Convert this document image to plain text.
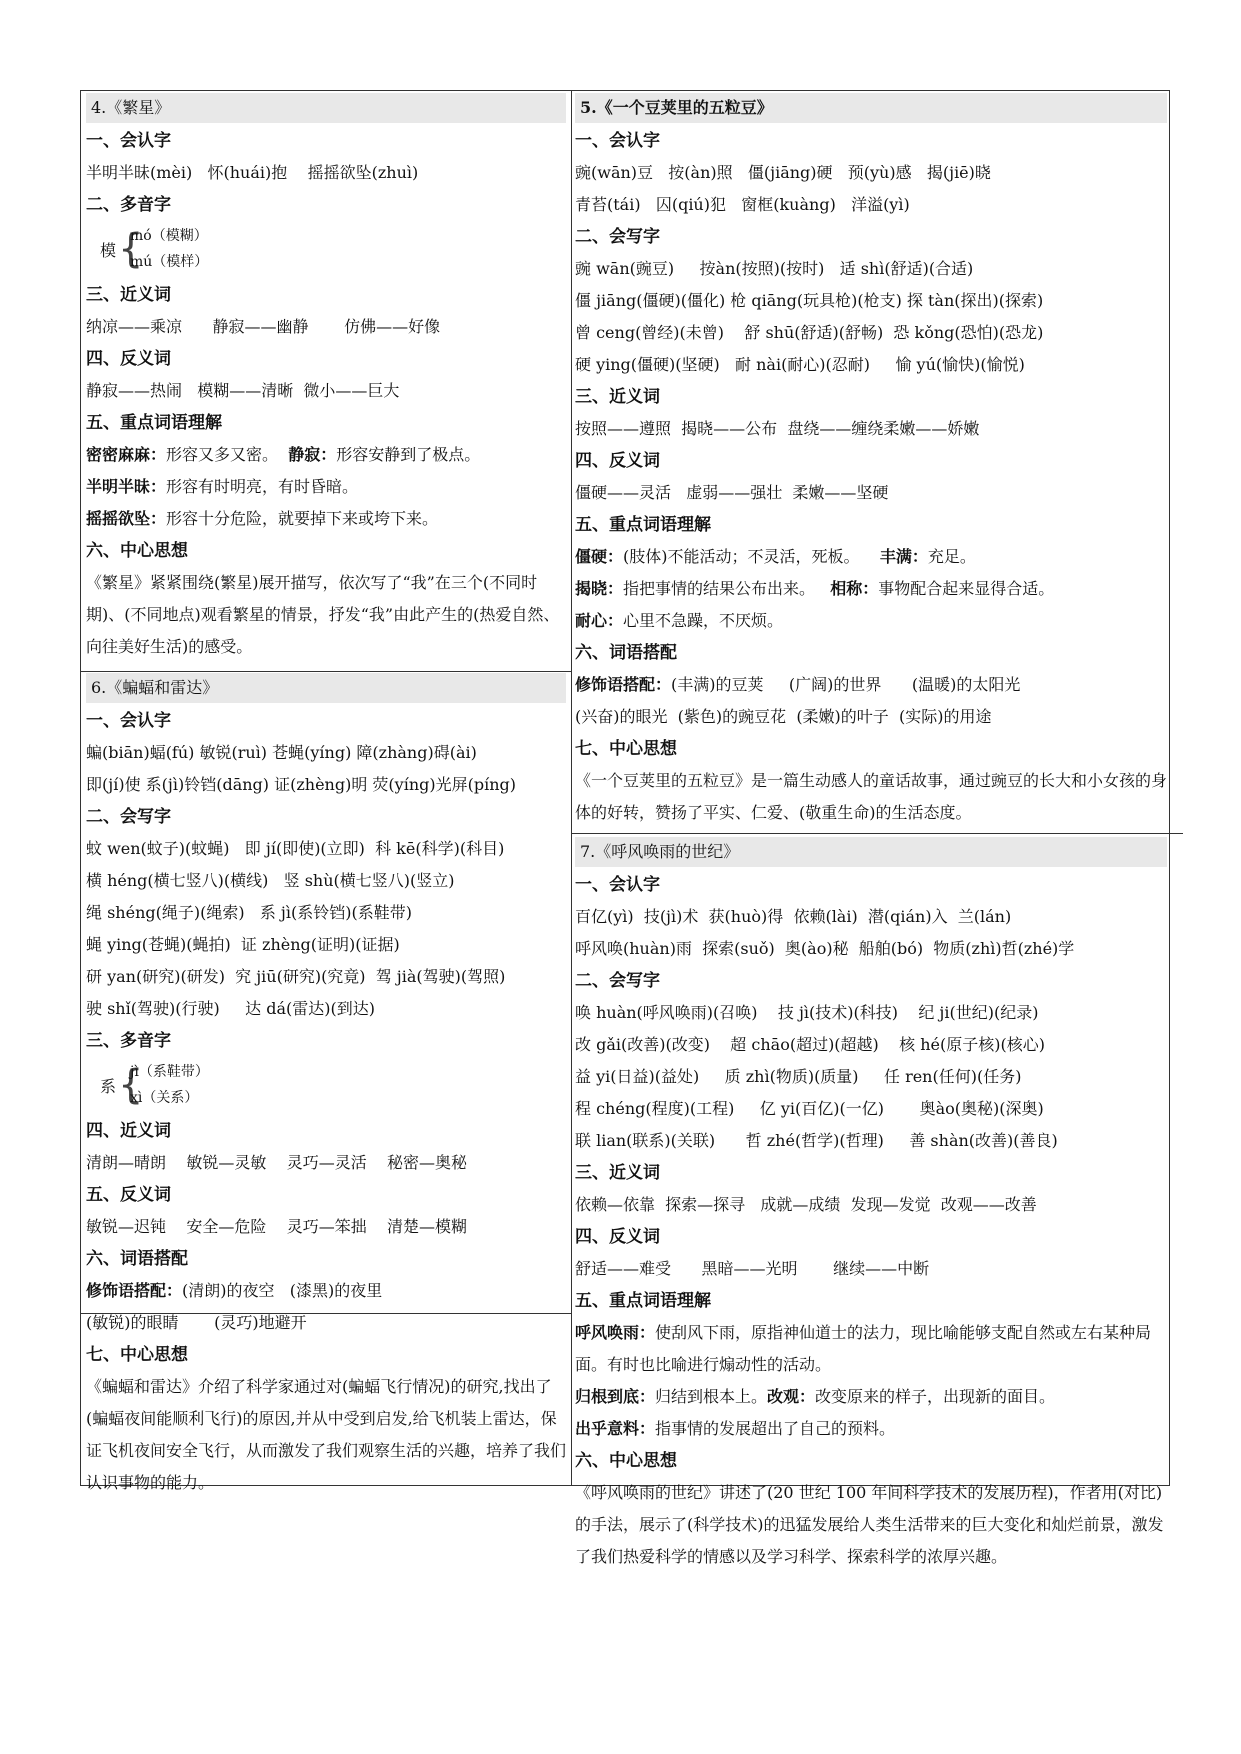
4.《繁星》
一、会认字
半明半昧(mèi)   怀(huái)抱    摇摇欲坠(zhuì)
二、多音字
模 {
mó（模糊）
mú（模样）
三、近义词
纳凉——乘凉      静寂——幽静       仿佛——好像
四、反义词
静寂——热闹   模糊——清晰  微小——巨大
五、重点词语理解
密密麻麻：形容又多又密。  静寂：形容安静到了极点。
半明半昧：形容有时明亮，有时昏暗。
摇摇欲坠：形容十分危险，就要掉下来或垮下来。
六、中心思想
《繁星》紧紧围绕(繁星)展开描写，依次写了“我”在三个(不同时期)、(不同地点)观看繁星的情景，抒发“我”由此产生的(热爱自然、向往美好生活)的感受。
6.《蝙蝠和雷达》
一、会认字
蝙(biān)蝠(fú) 敏锐(ruì) 苍蝇(yíng) 障(zhàng)碍(ài)
即(jí)使 系(jì)铃铛(dāng) 证(zhèng)明 荧(yíng)光屏(píng)
二、会写字
蚊 wen(蚊子)(蚊蝇)   即 jí(即使)(立即)  科 kē(科学)(科目)
横 héng(横七竖八)(横线)   竖 shù(横七竖八)(竖立)
绳 shéng(绳子)(绳索)   系 jì(系铃铛)(系鞋带)
蝇 ying(苍蝇)(蝇拍)  证 zhèng(证明)(证据)
研 yan(研究)(研发)  究 jiū(研究)(究竟)  驾 jià(驾驶)(驾照)
驶 shǐ(驾驶)(行驶)     达 dá(雷达)(到达)
三、多音字
系 {
jì（系鞋带）
xì（关系）
四、近义词
清朗—晴朗    敏锐—灵敏    灵巧—灵活    秘密—奥秘
五、反义词
敏锐—迟钝    安全—危险    灵巧—笨拙    清楚—模糊
六、词语搭配
修饰语搭配：(清朗)的夜空   (漆黑)的夜里
(敏锐)的眼睛       (灵巧)地避开
七、中心思想
《蝙蝠和雷达》介绍了科学家通过对(蝙蝠飞行情况)的研究,找出了(蝙蝠夜间能顺利飞行)的原因,并从中受到启发,给飞机装上雷达，保证飞机夜间安全飞行，从而激发了我们观察生活的兴趣，培养了我们认识事物的能力。
5.《一个豆荚里的五粒豆》
一、会认字
豌(wān)豆   按(àn)照   僵(jiāng)硬   预(yù)感   揭(jiē)晓
青苔(tái)   囚(qiú)犯   窗框(kuàng)   洋溢(yì)
二、会写字
豌 wān(豌豆)     按àn(按照)(按时)   适 shì(舒适)(合适)
僵 jiāng(僵硬)(僵化) 枪 qiāng(玩具枪)(枪支) 探 tàn(探出)(探索)
曾 ceng(曾经)(未曾)    舒 shū(舒适)(舒畅)  恐 kǒng(恐怕)(恐龙)
硬 ying(僵硬)(坚硬)   耐 nài(耐心)(忍耐)     愉 yú(愉快)(愉悦)
三、近义词
按照——遵照  揭晓——公布  盘绕——缠绕柔嫩——娇嫩
四、反义词
僵硬——灵活   虚弱——强壮  柔嫩——坚硬
五、重点词语理解
僵硬：(肢体)不能活动；不灵活，死板。    丰满：充足。
揭晓：指把事情的结果公布出来。   相称：事物配合起来显得合适。
耐心：心里不急躁，不厌烦。
六、词语搭配
修饰语搭配：(丰满)的豆荚     (广阔)的世界      (温暖)的太阳光
(兴奋)的眼光  (紫色)的豌豆花  (柔嫩)的叶子  (实际)的用途
七、中心思想
《一个豆荚里的五粒豆》是一篇生动感人的童话故事，通过豌豆的长大和小女孩的身体的好转，赞扬了平实、仁爱、(敬重生命)的生活态度。
7.《呼风唤雨的世纪》
一、会认字
百亿(yì)  技(jì)术  获(huò)得  依赖(lài)  潜(qián)入  兰(lán)
呼风唤(huàn)雨  探索(suǒ)  奥(ào)秘  船舶(bó)  物质(zhì)哲(zhé)学
二、会写字
唤 huàn(呼风唤雨)(召唤)    技 jì(技术)(科技)    纪 ji(世纪)(纪录)
改 gǎi(改善)(改变)    超 chāo(超过)(超越)    核 hé(原子核)(核心)
益 yi(日益)(益处)     质 zhì(物质)(质量)     任 ren(任何)(任务)
程 chéng(程度)(工程)     亿 yi(百亿)(一亿)       奥ào(奥秘)(深奥)
联 lian(联系)(关联)      哲 zhé(哲学)(哲理)     善 shàn(改善)(善良)
三、近义词
依赖—依靠  探索—探寻   成就—成绩  发现—发觉  改观——改善
四、反义词
舒适——难受      黑暗——光明       继续——中断
五、重点词语理解
呼风唤雨：使刮风下雨，原指神仙道士的法力，现比喻能够支配自然或左右某种局面。有时也比喻进行煽动性的活动。
归根到底：归结到根本上。改观：改变原来的样子，出现新的面目。
出乎意料：指事情的发展超出了自己的预料。
六、中心思想
《呼风唤雨的世纪》讲述了(20 世纪 100 年间科学技术的发展历程)，作者用(对比)的手法，展示了(科学技术)的迅猛发展给人类生活带来的巨大变化和灿烂前景，激发了我们热爱科学的情感以及学习科学、探索科学的浓厚兴趣。
